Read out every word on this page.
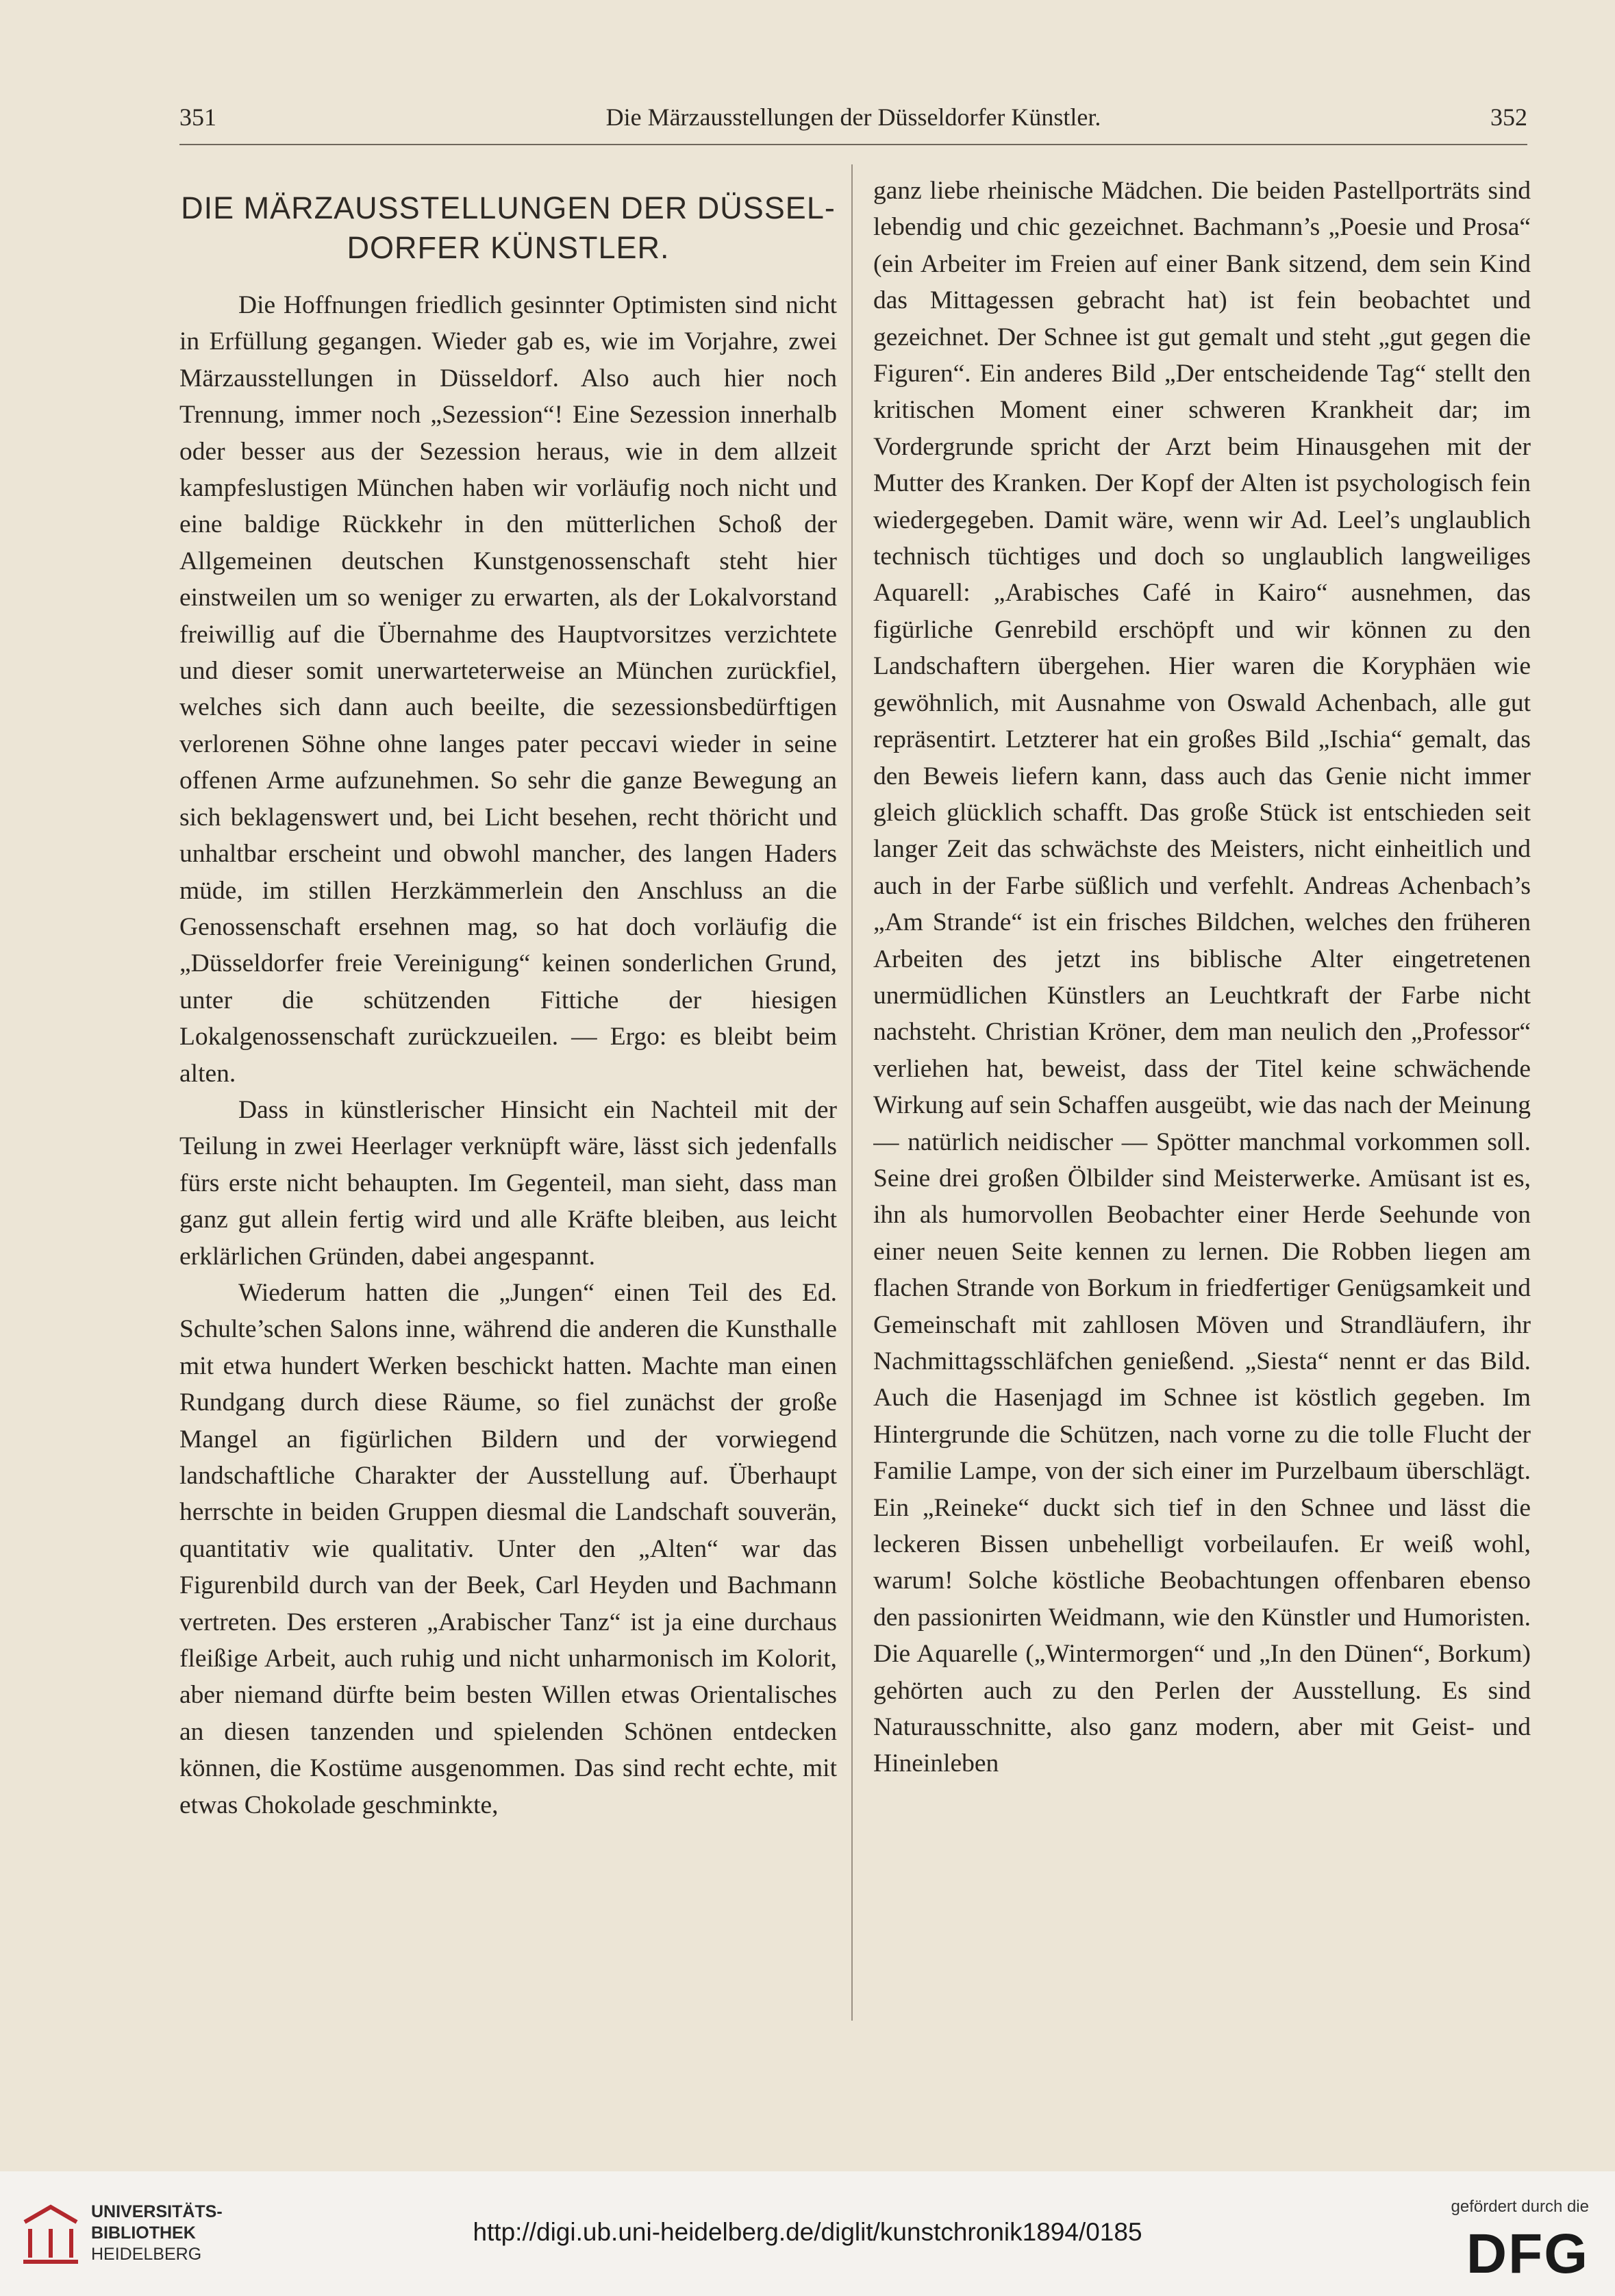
351	Die Märzausstellungen der Düsseldorfer Künstler.	352
DIE MÄRZAUSSTELLUNGEN DER DÜSSEL-DORFER KÜNSTLER.

Die Hoffnungen friedlich gesinnter Optimisten sind nicht in Erfüllung gegangen. Wieder gab es, wie im Vorjahre, zwei Märzausstellungen in Düsseldorf. Also auch hier noch Trennung, immer noch „Sezession“! Eine Sezession innerhalb oder besser aus der Sezession heraus, wie in dem allzeit kampfeslustigen München haben wir vorläufig noch nicht und eine baldige Rückkehr in den mütterlichen Schoß der Allgemeinen deutschen Kunstgenossenschaft steht hier einstweilen um so weniger zu erwarten, als der Lokalvorstand freiwillig auf die Übernahme des Hauptvorsitzes verzichtete und dieser somit unerwarteterweise an München zurückfiel, welches sich dann auch beeilte, die sezessionsbedürftigen verlorenen Söhne ohne langes pater peccavi wieder in seine offenen Arme aufzunehmen. So sehr die ganze Bewegung an sich beklagenswert und, bei Licht besehen, recht thöricht und unhaltbar erscheint und obwohl mancher, des langen Haders müde, im stillen Herzkämmerlein den Anschluss an die Genossenschaft ersehnen mag, so hat doch vorläufig die „Düsseldorfer freie Vereinigung“ keinen sonderlichen Grund, unter die schützenden Fittiche der hiesigen Lokalgenossenschaft zurückzueilen. — Ergo: es bleibt beim alten.

Dass in künstlerischer Hinsicht ein Nachteil mit der Teilung in zwei Heerlager verknüpft wäre, lässt sich jedenfalls fürs erste nicht behaupten. Im Gegenteil, man sieht, dass man ganz gut allein fertig wird und alle Kräfte bleiben, aus leicht erklärlichen Gründen, dabei angespannt.

Wiederum hatten die „Jungen“ einen Teil des Ed. Schulte’schen Salons inne, während die anderen die Kunsthalle mit etwa hundert Werken beschickt hatten. Machte man einen Rundgang durch diese Räume, so fiel zunächst der große Mangel an figürlichen Bildern und der vorwiegend landschaftliche Charakter der Ausstellung auf. Überhaupt herrschte in beiden Gruppen diesmal die Landschaft souverän, quantitativ wie qualitativ. Unter den „Alten“ war das Figurenbild durch van der Beek, Carl Heyden und Bachmann vertreten. Des ersteren „Arabischer Tanz“ ist ja eine durchaus fleißige Arbeit, auch ruhig und nicht unharmonisch im Kolorit, aber niemand dürfte beim besten Willen etwas Orientalisches an diesen tanzenden und spielenden Schönen entdecken können, die Kostüme ausgenommen. Das sind recht echte, mit etwas Chokolade geschminkte,

ganz liebe rheinische Mädchen. Die beiden Pastellporträts sind lebendig und chic gezeichnet. Bachmann’s „Poesie und Prosa“ (ein Arbeiter im Freien auf einer Bank sitzend, dem sein Kind das Mittagessen gebracht hat) ist fein beobachtet und gezeichnet. Der Schnee ist gut gemalt und steht „gut gegen die Figuren“. Ein anderes Bild „Der entscheidende Tag“ stellt den kritischen Moment einer schweren Krankheit dar; im Vordergrunde spricht der Arzt beim Hinausgehen mit der Mutter des Kranken. Der Kopf der Alten ist psychologisch fein wiedergegeben. Damit wäre, wenn wir Ad. Leel’s unglaublich technisch tüchtiges und doch so unglaublich langweiliges Aquarell: „Arabisches Café in Kairo“ ausnehmen, das figürliche Genrebild erschöpft und wir können zu den Landschaftern übergehen. Hier waren die Koryphäen wie gewöhnlich, mit Ausnahme von Oswald Achenbach, alle gut repräsentirt. Letzterer hat ein großes Bild „Ischia“ gemalt, das den Beweis liefern kann, dass auch das Genie nicht immer gleich glücklich schafft. Das große Stück ist entschieden seit langer Zeit das schwächste des Meisters, nicht einheitlich und auch in der Farbe süßlich und verfehlt. Andreas Achenbach’s „Am Strande“ ist ein frisches Bildchen, welches den früheren Arbeiten des jetzt ins biblische Alter eingetretenen unermüdlichen Künstlers an Leuchtkraft der Farbe nicht nachsteht. Christian Kröner, dem man neulich den „Professor“ verliehen hat, beweist, dass der Titel keine schwächende Wirkung auf sein Schaffen ausgeübt, wie das nach der Meinung — natürlich neidischer — Spötter manchmal vorkommen soll. Seine drei großen Ölbilder sind Meisterwerke. Amüsant ist es, ihn als humorvollen Beobachter einer Herde Seehunde von einer neuen Seite kennen zu lernen. Die Robben liegen am flachen Strande von Borkum in friedfertiger Genügsamkeit und Gemeinschaft mit zahllosen Möven und Strandläufern, ihr Nachmittagsschläfchen genießend. „Siesta“ nennt er das Bild. Auch die Hasenjagd im Schnee ist köstlich gegeben. Im Hintergrunde die Schützen, nach vorne zu die tolle Flucht der Familie Lampe, von der sich einer im Purzelbaum überschlägt. Ein „Reineke“ duckt sich tief in den Schnee und lässt die leckeren Bissen unbehelligt vorbeilaufen. Er weiß wohl, warum! Solche köstliche Beobachtungen offenbaren ebenso den passionirten Weidmann, wie den Künstler und Humoristen. Die Aquarelle („Wintermorgen“ und „In den Dünen“, Borkum) gehörten auch zu den Perlen der Ausstellung. Es sind Naturausschnitte, also ganz modern, aber mit Geist- und Hineinleben

UNIVERSITÄTS-
BIBLIOTHEK
HEIDELBERG
http://digi.ub.uni-heidelberg.de/diglit/kunstchronik1894/0185
gefördert durch die
DFG
